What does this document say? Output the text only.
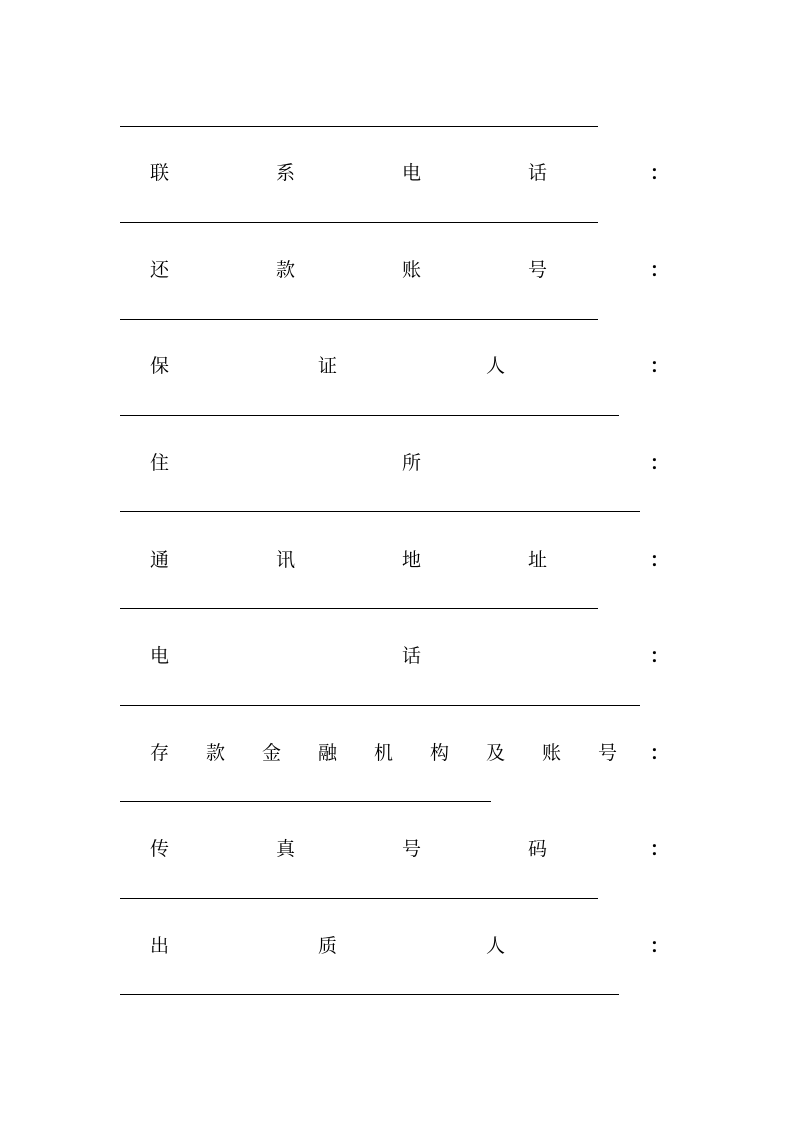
联	系	电	话	：
还	款	账	号	：
保	证	人	：
住	所	：
通	讯	地	址	：
电	话	：
存 款 金 融 机 构 及 账 号 ：
传	真	号	码	：
出	质	人	：
